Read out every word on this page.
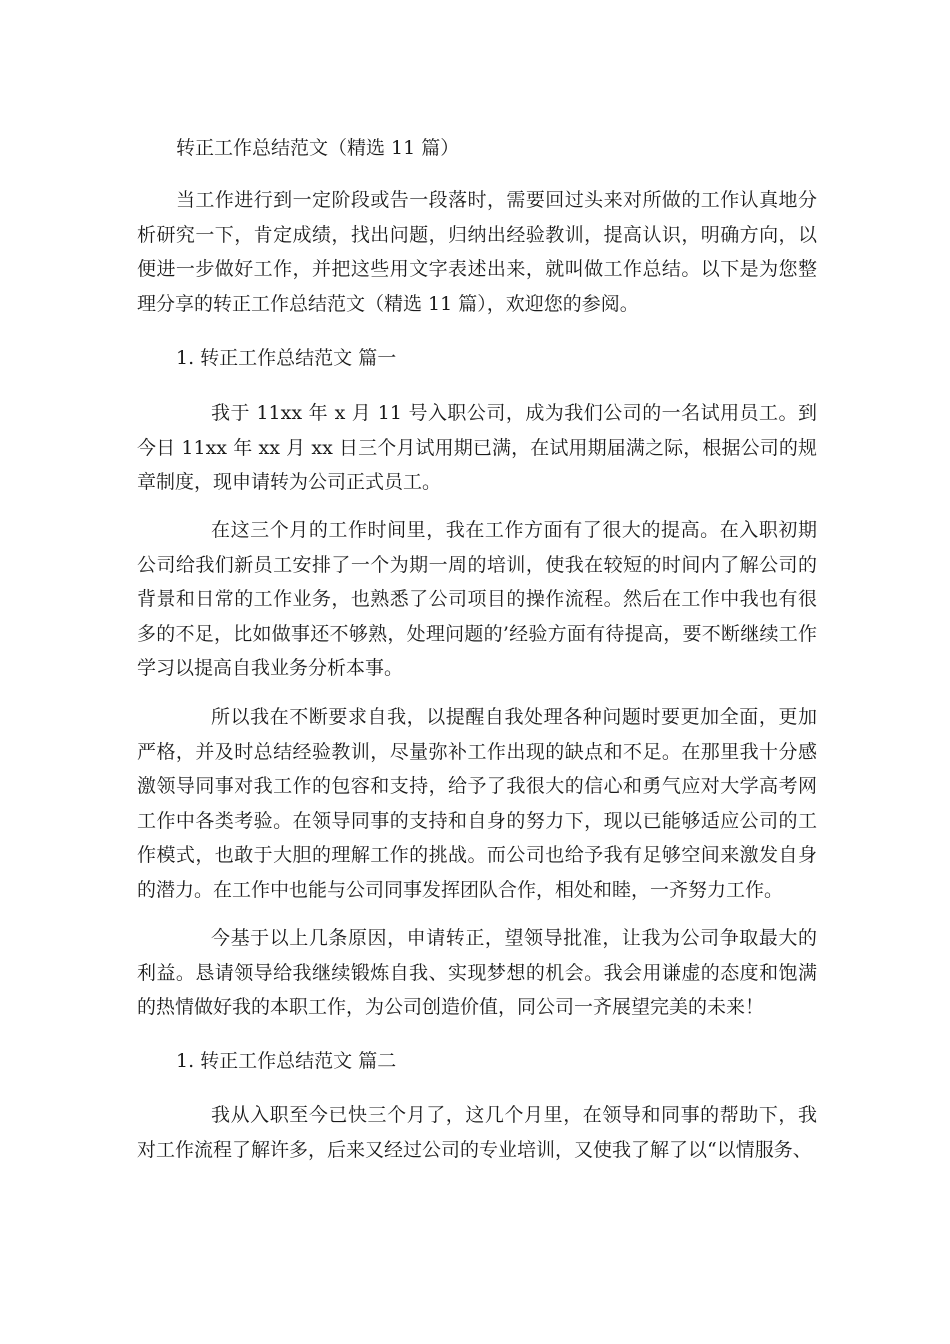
转正工作总结范文（精选 11 篇）
当工作进行到一定阶段或告一段落时，需要回过头来对所做的工作认真地分析研究一下，肯定成绩，找出问题，归纳出经验教训，提高认识，明确方向，以便进一步做好工作，并把这些用文字表述出来，就叫做工作总结。以下是为您整理分享的转正工作总结范文（精选 11 篇），欢迎您的参阅。
1. 转正工作总结范文 篇一
我于 11xx 年 x 月 11 号入职公司，成为我们公司的一名试用员工。到今日 11xx 年 xx 月 xx 日三个月试用期已满，在试用期届满之际，根据公司的规章制度，现申请转为公司正式员工。
在这三个月的工作时间里，我在工作方面有了很大的提高。在入职初期公司给我们新员工安排了一个为期一周的培训，使我在较短的时间内了解公司的背景和日常的工作业务，也熟悉了公司项目的操作流程。然后在工作中我也有很多的不足，比如做事还不够熟，处理问题的’经验方面有待提高，要不断继续工作学习以提高自我业务分析本事。
所以我在不断要求自我，以提醒自我处理各种问题时要更加全面，更加严格，并及时总结经验教训，尽量弥补工作出现的缺点和不足。在那里我十分感激领导同事对我工作的包容和支持，给予了我很大的信心和勇气应对大学高考网工作中各类考验。在领导同事的支持和自身的努力下，现以已能够适应公司的工作模式，也敢于大胆的理解工作的挑战。而公司也给予我有足够空间来激发自身的潜力。在工作中也能与公司同事发挥团队合作，相处和睦，一齐努力工作。
今基于以上几条原因，申请转正，望领导批准，让我为公司争取最大的利益。恳请领导给我继续锻炼自我、实现梦想的机会。我会用谦虚的态度和饱满的热情做好我的本职工作，为公司创造价值，同公司一齐展望完美的未来！
1. 转正工作总结范文 篇二
我从入职至今已快三个月了，这几个月里，在领导和同事的帮助下，我对工作流程了解许多，后来又经过公司的专业培训，又使我了解了以“以情服务、
